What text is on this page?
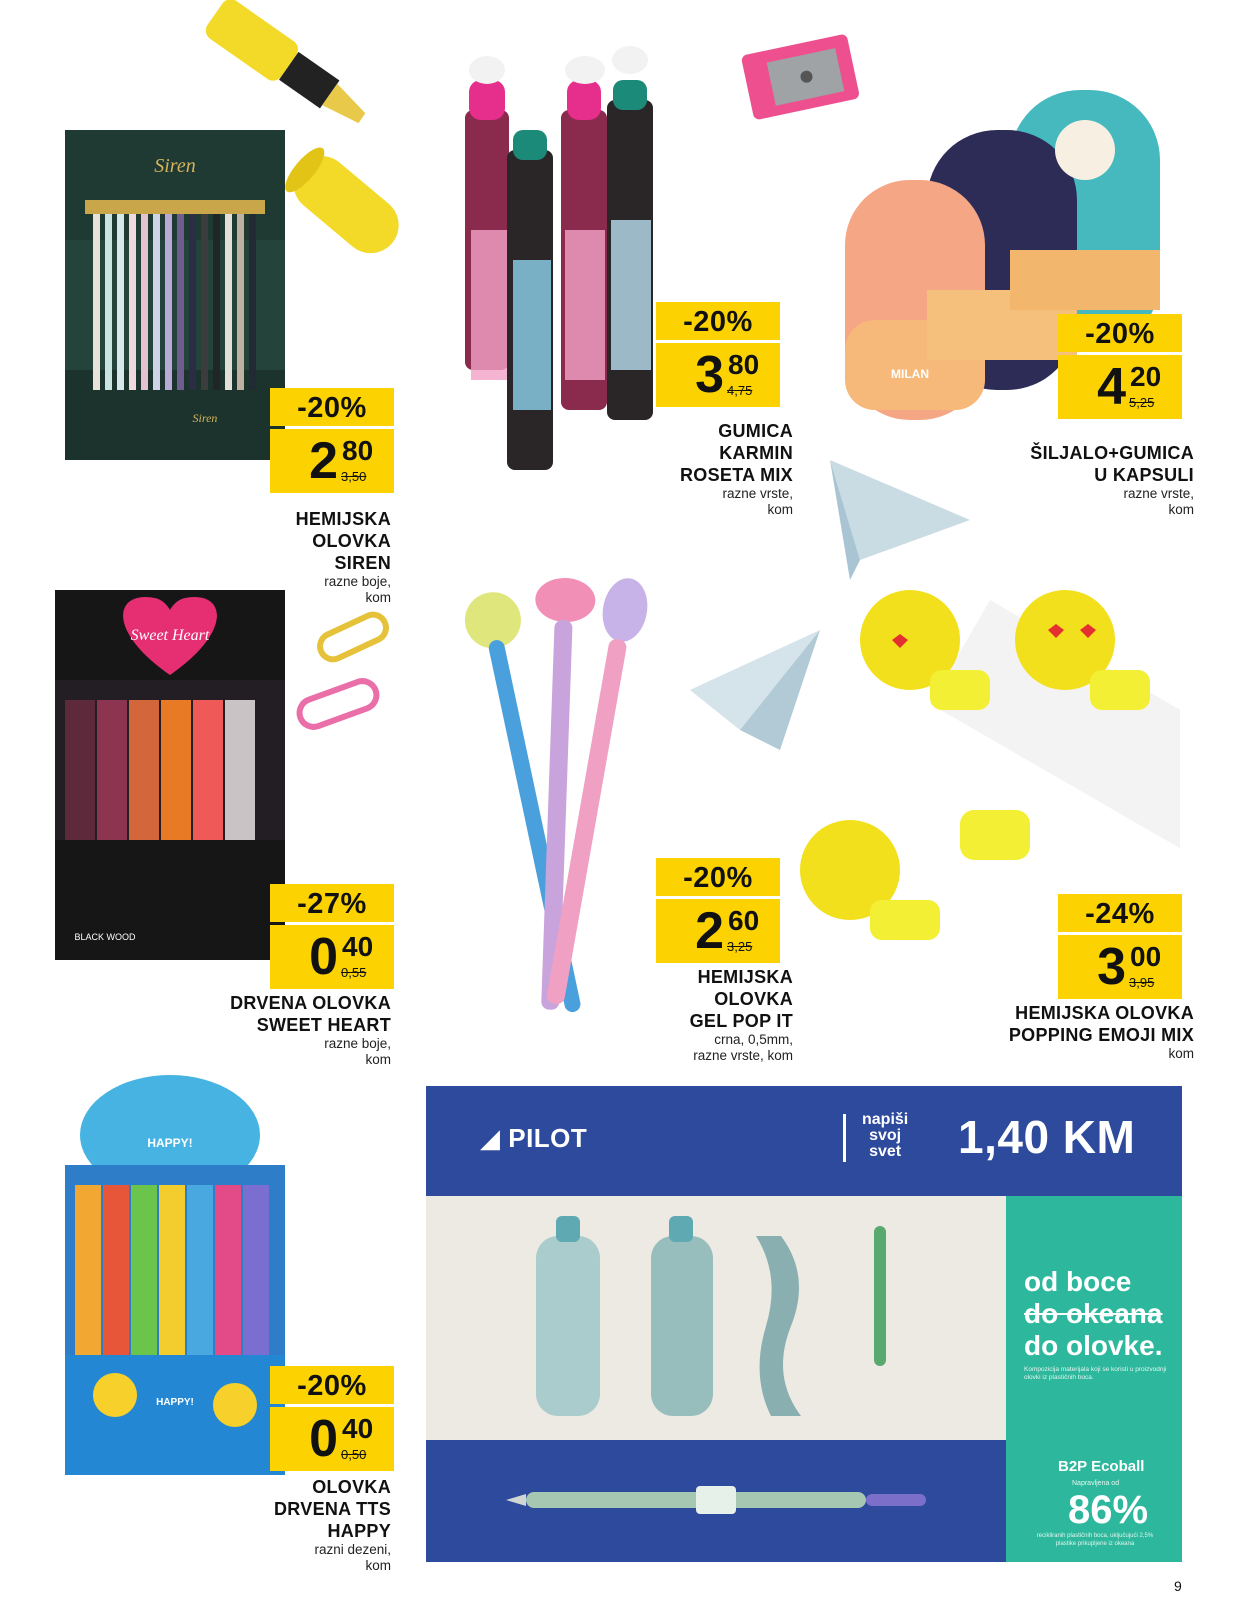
Siren
Siren
MILAN
Sweet Heart
BLACK WOOD
HAPPY!
HAPPY!
-20%
2 80
3,50
-20%
3 80
4,75
-20%
4 20
5,25
-27%
0 40
0,55
-20%
2 60
3,25
-24%
3 00
3,95
-20%
0 40
0,50
HEMIJSKA
OLOVKA
SIREN
razne boje,
kom
GUMICA
KARMIN
ROSETA MIX
razne vrste,
kom
ŠILJALO+GUMICA
U KAPSULI
razne vrste,
kom
DRVENA OLOVKA
SWEET HEART
razne boje,
kom
HEMIJSKA
OLOVKA
GEL POP IT
crna, 0,5mm,
razne vrste, kom
HEMIJSKA OLOVKA
POPPING EMOJI MIX
kom
OLOVKA
DRVENA TTS
HAPPY
razni dezeni,
kom
◢ PILOT
napiši
svoj
svet 1,40 KM
od boce
do okeana
do olovke.
Kompozicija materijala koji se koristi u proizvodnji olovki iz plastičnih boca.
B2P Ecoball
Napravljena od
86%
recikliranih plastičnih boca, uključujući 2,5% plastike prikupljene iz okeana
9
